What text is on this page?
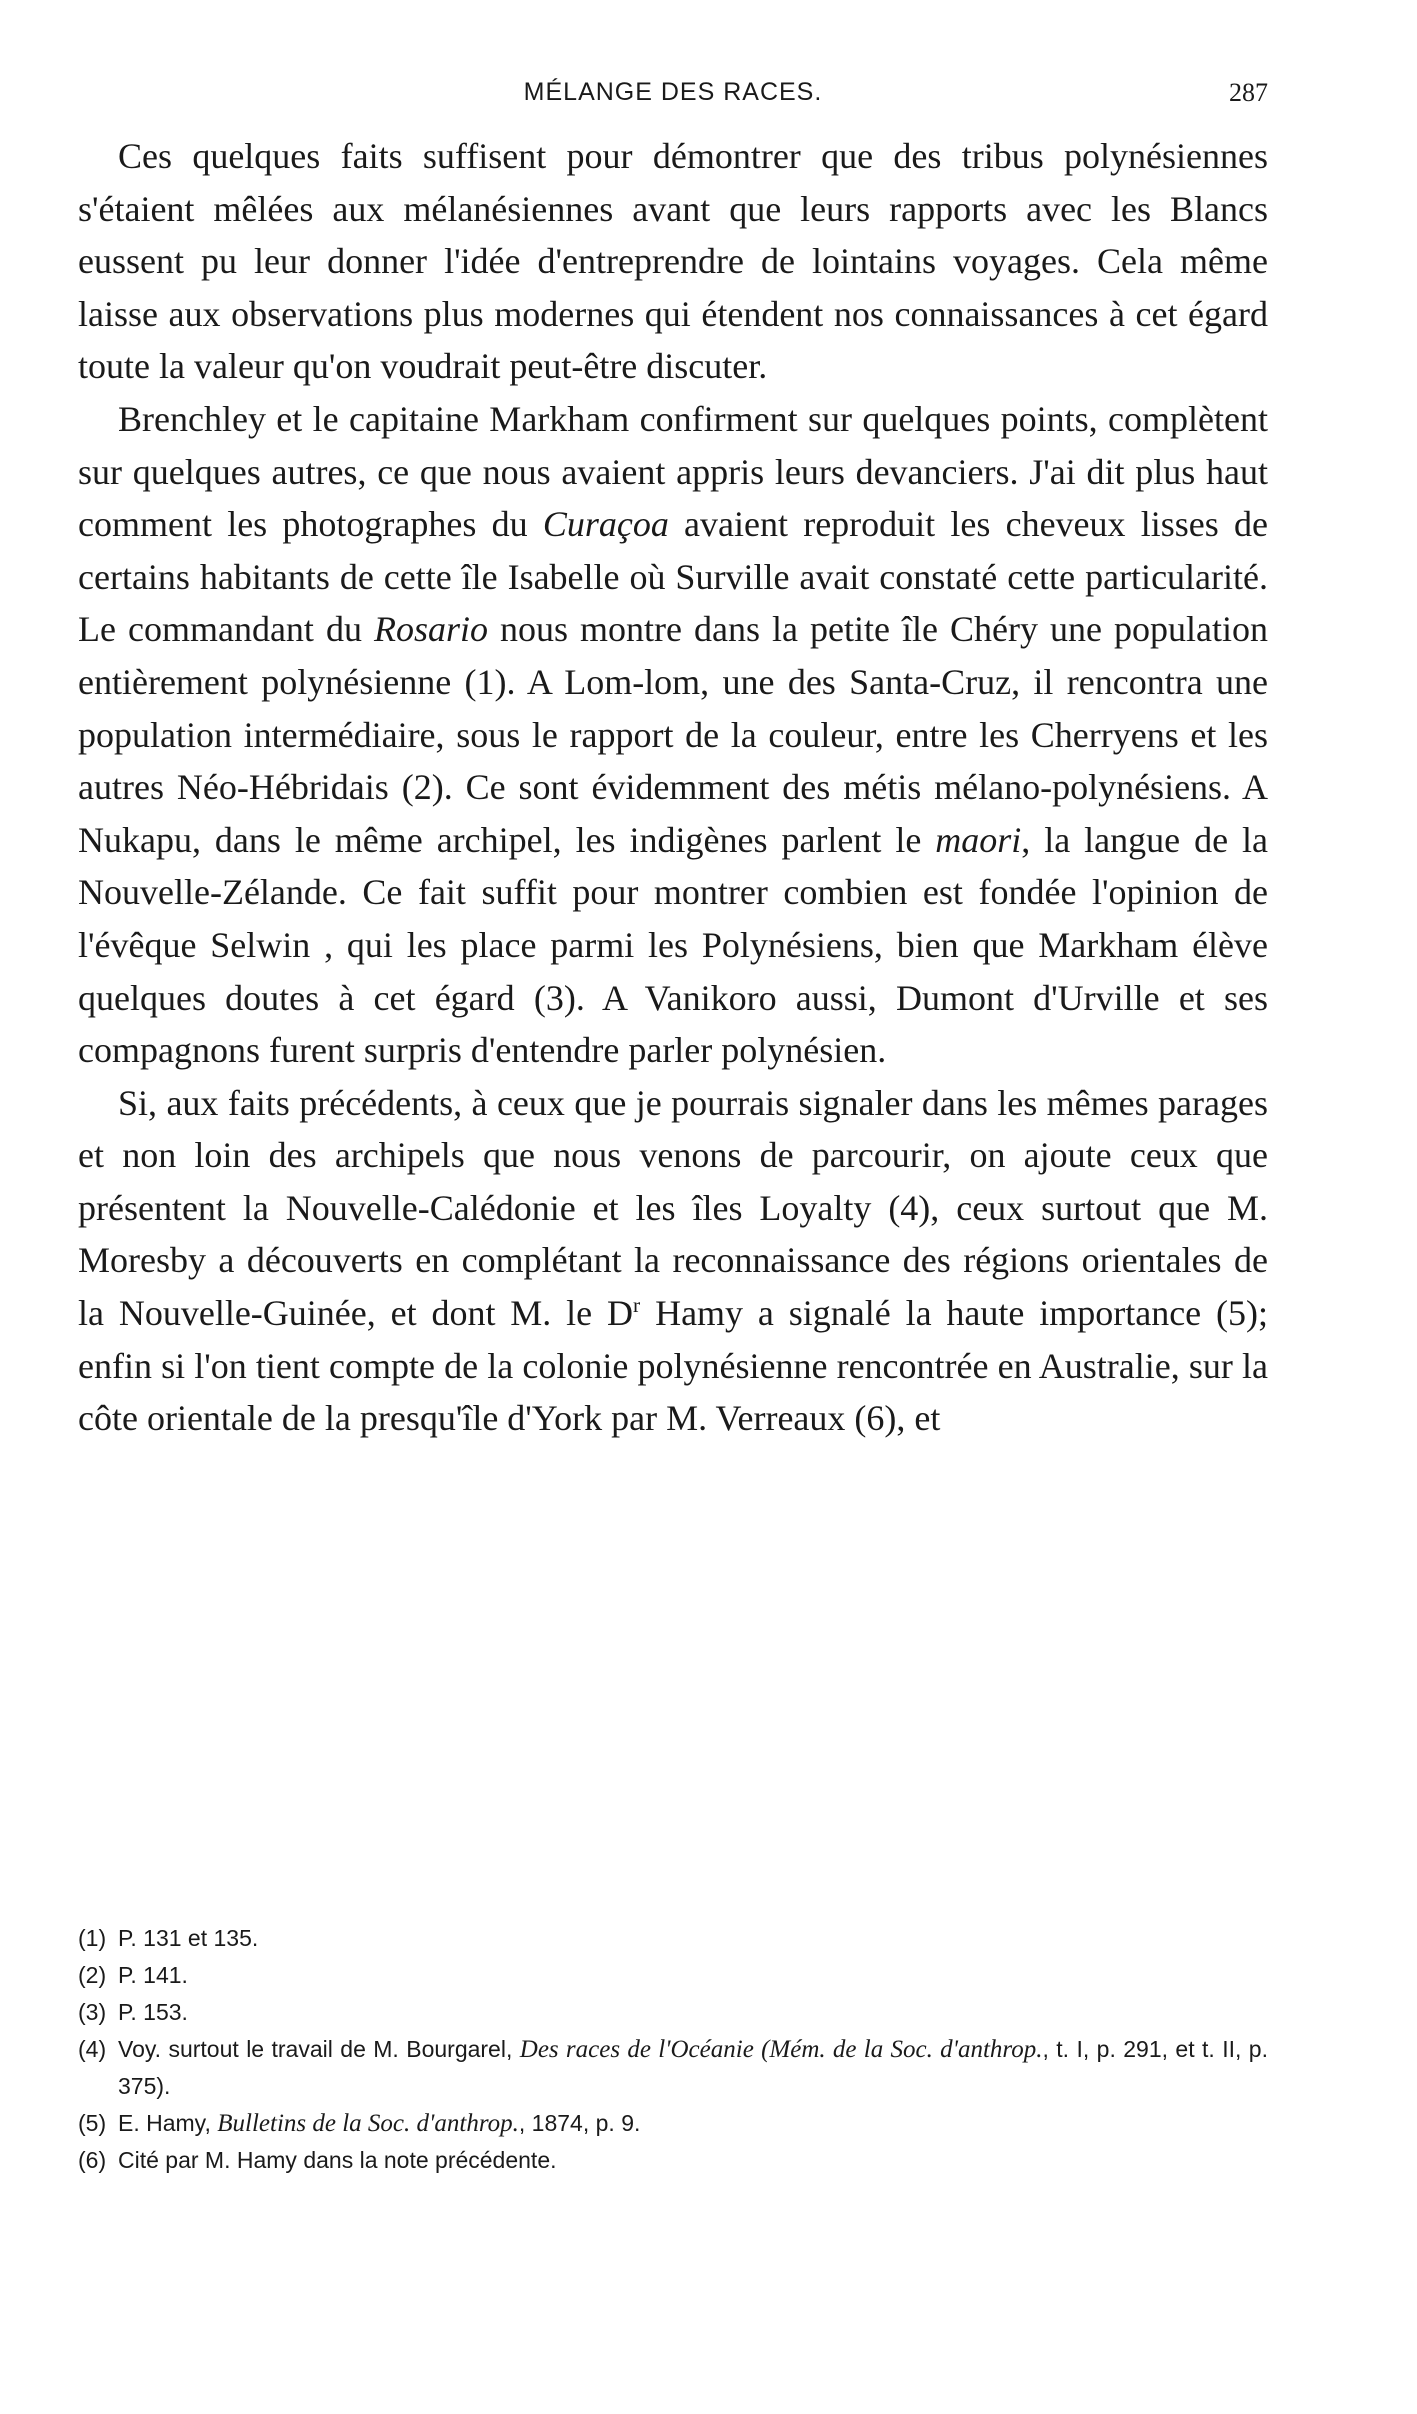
MÉLANGE DES RACES.	287

Ces quelques faits suffisent pour démontrer que des tribus polynésiennes s'étaient mêlées aux mélanésiennes avant que leurs rapports avec les Blancs eussent pu leur donner l'idée d'entreprendre de lointains voyages. Cela même laisse aux observations plus modernes qui étendent nos connaissances à cet égard toute la valeur qu'on voudrait peut-être discuter.

Brenchley et le capitaine Markham confirment sur quelques points, complètent sur quelques autres, ce que nous avaient appris leurs devanciers. J'ai dit plus haut comment les photographes du Curaçoa avaient reproduit les cheveux lisses de certains habitants de cette île Isabelle où Surville avait constaté cette particularité. Le commandant du Rosario nous montre dans la petite île Chéry une population entièrement polynésienne (1). A Lom-lom, une des Santa-Cruz, il rencontra une population intermédiaire, sous le rapport de la couleur, entre les Cherryens et les autres Néo-Hébridais (2). Ce sont évidemment des métis mélano-polynésiens. A Nukapu, dans le même archipel, les indigènes parlent le maori, la langue de la Nouvelle-Zélande. Ce fait suffit pour montrer combien est fondée l'opinion de l'évêque Selwin , qui les place parmi les Polynésiens, bien que Markham élève quelques doutes à cet égard (3). A Vanikoro aussi, Dumont d'Urville et ses compagnons furent surpris d'entendre parler polynésien.

Si, aux faits précédents, à ceux que je pourrais signaler dans les mêmes parages et non loin des archipels que nous venons de parcourir, on ajoute ceux que présentent la Nouvelle-Calédonie et les îles Loyalty (4), ceux surtout que M. Moresby a découverts en complétant la reconnaissance des régions orientales de la Nouvelle-Guinée, et dont M. le $D^r$ Hamy a signalé la haute importance (5); enfin si l'on tient compte de la colonie polynésienne rencontrée en Australie, sur la côte orientale de la presqu'île d'York par M. Verreaux (6), et

(1) P. 131 et 135.

(2) P. 141.

(3) P. 153.

(4) Voy. surtout le travail de M. Bourgarel, Des races de l'Océanie (Mém. de la Soc. d'anthrop., t. I, p. 291, et t. II, p. 375).

(5) E. Hamy, Bulletins de la Soc. d'anthrop., 1874, p. 9.

(6) Cité par M. Hamy dans la note précédente.
